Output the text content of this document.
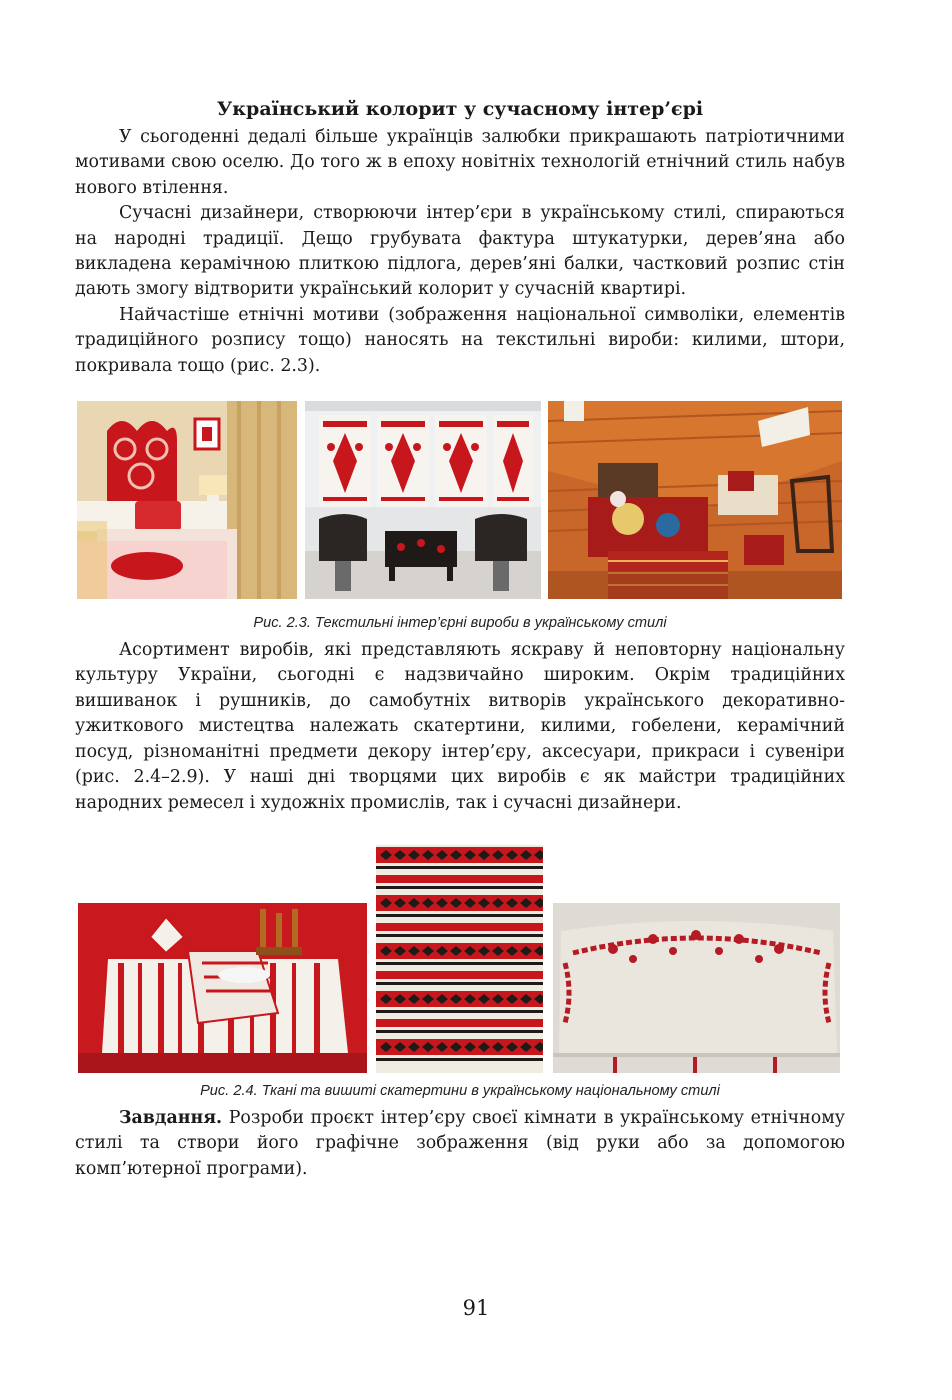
Український колорит у сучасному інтер’єрі

У сьогоденні дедалі більше українців залюбки прикрашають патріотичними мотивами свою оселю. До того ж в епоху новітніх технологій етнічний стиль набув нового втілення.

Сучасні дизайнери, створюючи інтер’єри в українському стилі, спираються на народні традиції. Дещо грубувата фактура штукатурки, дерев’яна або викладена керамічною плиткою підлога, дерев’яні балки, частковий розпис стін дають змогу відтворити український колорит у сучасній квартирі.

Найчастіше етнічні мотиви (зображення національної символіки, елементів традиційного розпису тощо) наносять на текстильні вироби: килими, штори, покривала тощо (рис. 2.3).

Рис. 2.3. Текстильні інтер’єрні вироби в українському стилі

Асортимент виробів, які представляють яскраву й неповторну національну культуру України, сьогодні є надзвичайно широким. Окрім традиційних вишиванок і рушників, до самобутніх витворів українського декоративно-ужиткового мистецтва належать скатертини, килими, гобелени, керамічний посуд, різноманітні предмети декору інтер’єру, аксесуари, прикраси і сувеніри (рис. 2.4–2.9). У наші дні творцями цих виробів є як майстри традиційних народних ремесел і художніх промислів, так і сучасні дизайнери.

Рис. 2.4. Ткані та вишиті скатертини в українському національному стилі

Завдання. Розроби проєкт інтер’єру своєї кімнати в українському етнічному стилі та створи його графічне зображення (від руки або за допомогою комп’ютерної програми).

91
